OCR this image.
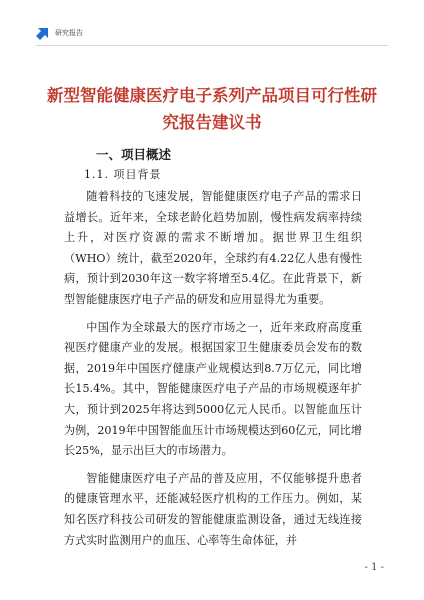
研究报告
新型智能健康医疗电子系列产品项目可行性研究报告建议书
一、项目概述
1.1. 项目背景

随着科技的飞速发展，智能健康医疗电子产品的需求日益增长。近年来，全球老龄化趋势加剧，慢性病发病率持续上升，对医疗资源的需求不断增加。据世界卫生组织（WHO）统计，截至2020年，全球约有4.22亿人患有慢性病，预计到2030年这一数字将增至5.4亿。在此背景下，新型智能健康医疗电子产品的研发和应用显得尤为重要。

中国作为全球最大的医疗市场之一，近年来政府高度重视医疗健康产业的发展。根据国家卫生健康委员会发布的数据，2019年中国医疗健康产业规模达到8.7万亿元，同比增长15.4%。其中，智能健康医疗电子产品的市场规模逐年扩大，预计到2025年将达到5000亿元人民币。以智能血压计为例，2019年中国智能血压计市场规模达到60亿元，同比增长25%，显示出巨大的市场潜力。

智能健康医疗电子产品的普及应用，不仅能够提升患者的健康管理水平，还能减轻医疗机构的工作压力。例如，某知名医疗科技公司研发的智能健康监测设备，通过无线连接方式实时监测用户的血压、心率等生命体征，并

- 1 -
